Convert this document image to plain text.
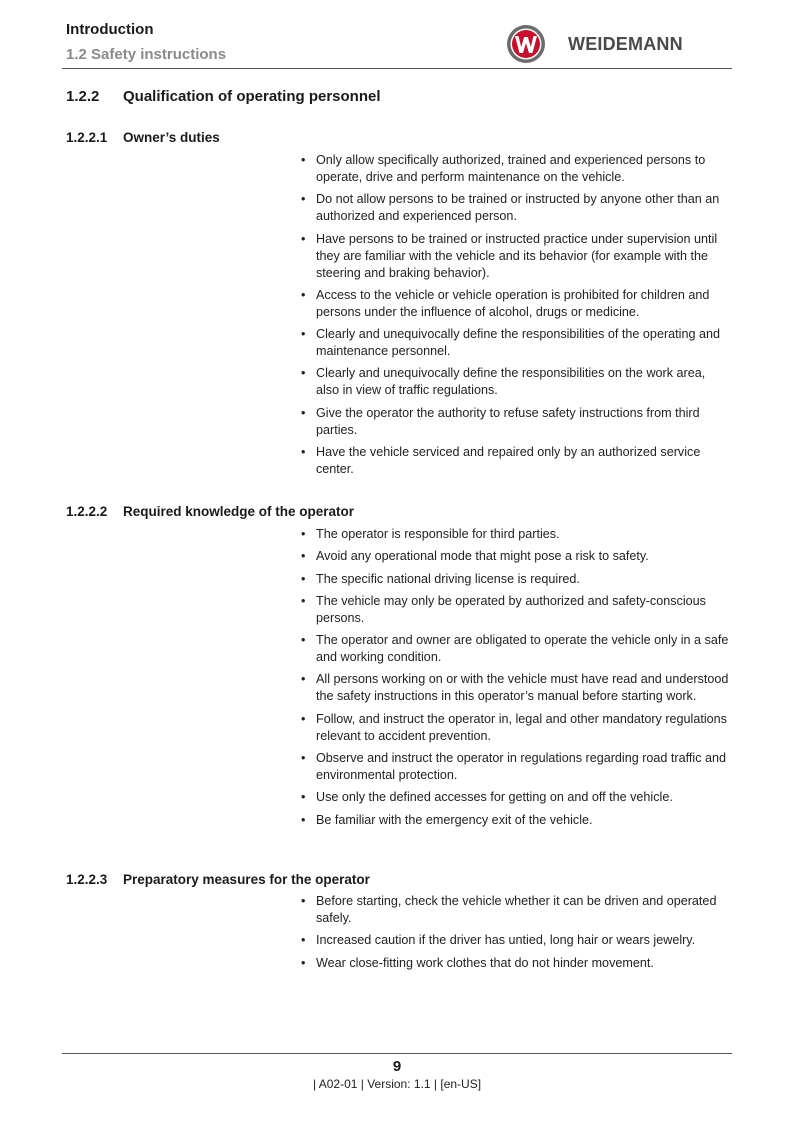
Introduction
1.2 Safety instructions
WEIDEMANN
1.2.2 Qualification of operating personnel
1.2.2.1 Owner’s duties
• Only allow specifically authorized, trained and experienced persons to operate, drive and perform maintenance on the vehicle.
• Do not allow persons to be trained or instructed by anyone other than an authorized and experienced person.
• Have persons to be trained or instructed practice under supervision until they are familiar with the vehicle and its behavior (for example with the steering and braking behavior).
• Access to the vehicle or vehicle operation is prohibited for children and persons under the influence of alcohol, drugs or medicine.
• Clearly and unequivocally define the responsibilities of the operating and maintenance personnel.
• Clearly and unequivocally define the responsibilities on the work area, also in view of traffic regulations.
• Give the operator the authority to refuse safety instructions from third parties.
• Have the vehicle serviced and repaired only by an authorized service center.
1.2.2.2 Required knowledge of the operator
• The operator is responsible for third parties.
• Avoid any operational mode that might pose a risk to safety.
• The specific national driving license is required.
• The vehicle may only be operated by authorized and safety-conscious persons.
• The operator and owner are obligated to operate the vehicle only in a safe and working condition.
• All persons working on or with the vehicle must have read and understood the safety instructions in this operator’s manual before starting work.
• Follow, and instruct the operator in, legal and other mandatory regulations relevant to accident prevention.
• Observe and instruct the operator in regulations regarding road traffic and environmental protection.
• Use only the defined accesses for getting on and off the vehicle.
• Be familiar with the emergency exit of the vehicle.
1.2.2.3 Preparatory measures for the operator
• Before starting, check the vehicle whether it can be driven and operated safely.
• Increased caution if the driver has untied, long hair or wears jewelry.
• Wear close-fitting work clothes that do not hinder movement.
9
| A02-01 | Version: 1.1 | [en-US]
